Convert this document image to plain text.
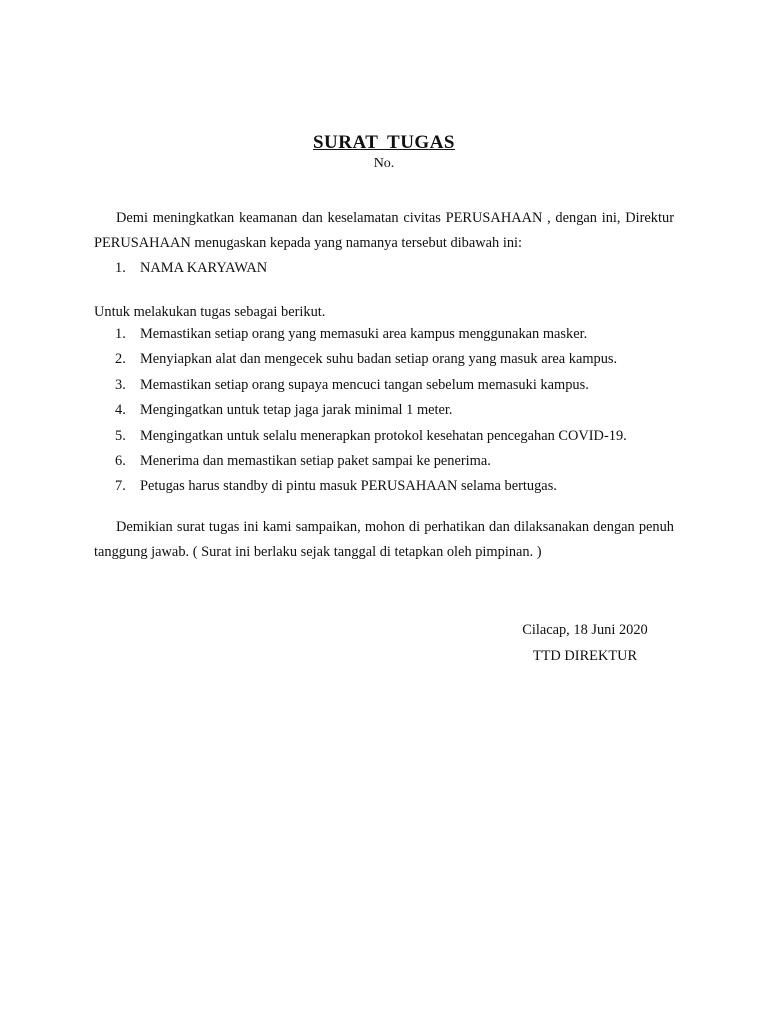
SURAT TUGAS
No.

Demi meningkatkan keamanan dan keselamatan civitas PERUSAHAAN , dengan ini, Direktur PERUSAHAAN menugaskan kepada yang namanya tersebut dibawah ini:

1. NAMA KARYAWAN

Untuk melakukan tugas sebagai berikut.

1. Memastikan setiap orang yang memasuki area kampus menggunakan masker.
2. Menyiapkan alat dan mengecek suhu badan setiap orang yang masuk area kampus.
3. Memastikan setiap orang supaya mencuci tangan sebelum memasuki kampus.
4. Mengingatkan untuk tetap jaga jarak minimal 1 meter.
5. Mengingatkan untuk selalu menerapkan protokol kesehatan pencegahan COVID-19.
6. Menerima dan memastikan setiap paket sampai ke penerima.
7. Petugas harus standby di pintu masuk PERUSAHAAN selama bertugas.

Demikian surat tugas ini kami sampaikan, mohon di perhatikan dan dilaksanakan dengan penuh tanggung jawab. ( Surat ini berlaku sejak tanggal di tetapkan oleh pimpinan. )

Cilacap, 18 Juni 2020
TTD DIREKTUR
